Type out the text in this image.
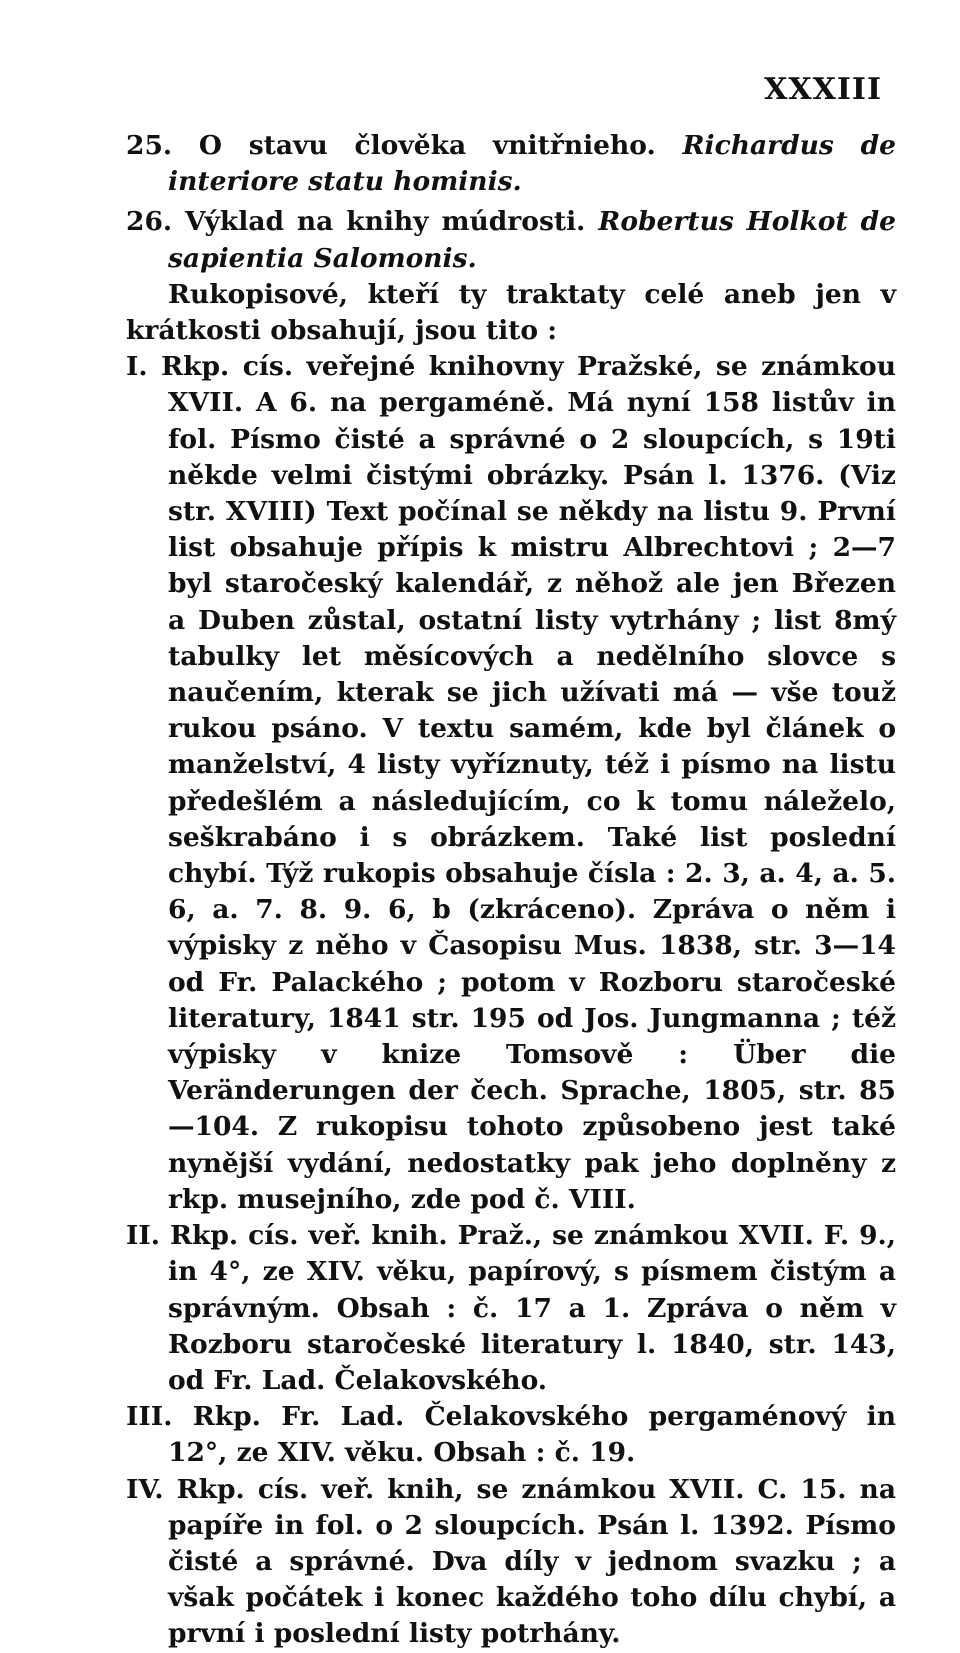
XXXIII

25. O stavu člověka vnitřnieho. Richardus de interiore statu hominis.

26. Výklad na knihy múdrosti. Robertus Holkot de sapientia Salomonis.

Rukopisové, kteří ty traktaty celé aneb jen v krátkosti obsahují, jsou tito :

I. Rkp. cís. veřejné knihovny Pražské, se známkou XVII. A 6. na pergaméně. Má nyní 158 listův in fol. Písmo čisté a správné o 2 sloupcích, s 19ti někde velmi čistými obrázky. Psán l. 1376. (Viz str. XVIII) Text počínal se někdy na listu 9. První list obsahuje přípis k mistru Albrechtovi ; 2—7 byl staročeský kalendář, z něhož ale jen Březen a Duben zůstal, ostatní listy vytrhány ; list 8mý tabulky let měsícových a nedělního slovce s naučením, kterak se jich užívati má — vše touž rukou psáno. V textu samém, kde byl článek o manželství, 4 listy vyříznuty, též i písmo na listu předešlém a následujícím, co k tomu náleželo, seškrabáno i s obrázkem. Také list poslední chybí. Týž rukopis obsahuje čísla : 2. 3, a. 4, a. 5. 6, a. 7. 8. 9. 6, b (zkráceno). Zpráva o něm i výpisky z něho v Časopisu Mus. 1838, str. 3—14 od Fr. Palackého ; potom v Rozboru staročeské literatury, 1841 str. 195 od Jos. Jungmanna ; též výpisky v knize Tomsově : Über die Veränderungen der čech. Sprache, 1805, str. 85—104. Z rukopisu tohoto způsobeno jest také nynější vydání, nedostatky pak jeho doplněny z rkp. musejního, zde pod č. VIII.

II. Rkp. cís. veř. knih. Praž., se známkou XVII. F. 9., in 4°, ze XIV. věku, papírový, s písmem čistým a správným. Obsah : č. 17 a 1. Zpráva o něm v Rozboru staročeské literatury l. 1840, str. 143, od Fr. Lad. Čelakovského.

III. Rkp. Fr. Lad. Čelakovského pergaménový in 12°, ze XIV. věku. Obsah : č. 19.

IV. Rkp. cís. veř. knih, se známkou XVII. C. 15. na papíře in fol. o 2 sloupcích. Psán l. 1392. Písmo čisté a správné. Dva díly v jednom svazku ; a však počátek i konec každého toho dílu chybí, a první i poslední listy potrhány.
